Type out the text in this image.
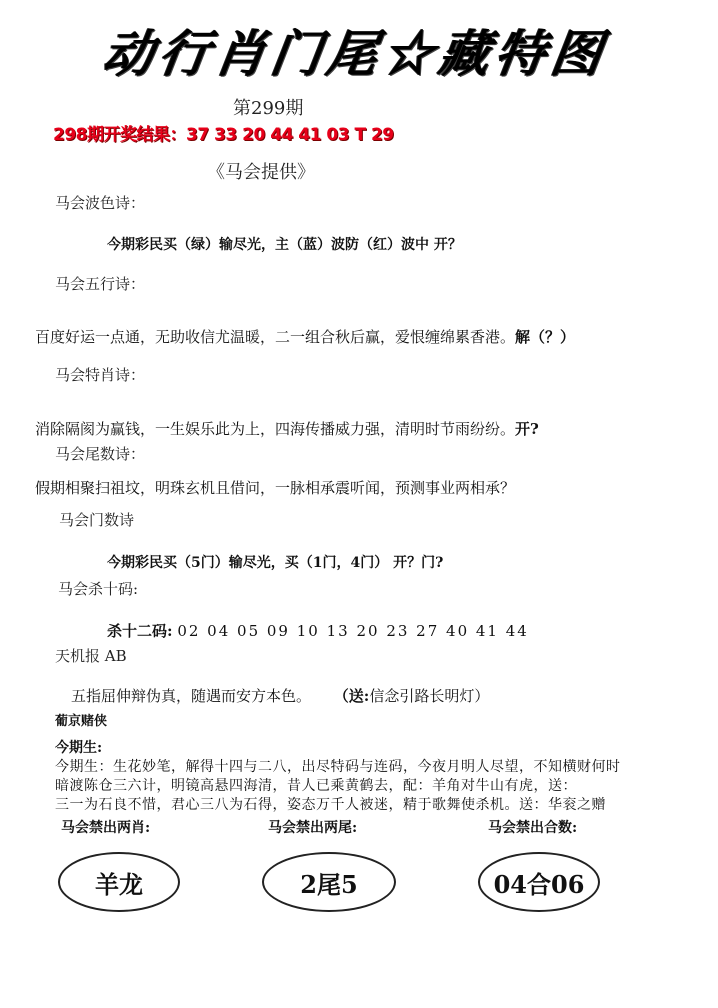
动行肖门尾☆藏特图
第299期
298期开奖结果：37 33 20 44 41 03 T 29
《马会提供》
马会波色诗：
今期彩民买（绿）输尽光，主（蓝）波防（红）波中 开？
马会五行诗：
百度好运一点通，无助收信尤温暖，二一组合秋后赢，爱恨缠绵累香港。解（？）
马会特肖诗：
消除隔阂为赢钱，一生娱乐此为上，四海传播威力强，清明时节雨纷纷。开?
马会尾数诗：
假期相聚扫祖坟，明珠玄机且借问，一脉相承震听闻，预测事业两相承？
马会门数诗
今期彩民买（5门）输尽光，买（1门，4门） 开？门?
马会杀十码:
杀十二码: 02 04 05 09 10 13 20 23 27 40 41 44
天机报 AB
五指屈伸辩伪真，随遇而安方本色。 （送:信念引路长明灯）
葡京赌侠
今期生:
今期生：生花妙笔，解得十四与二八，出尽特码与连码，今夜月明人尽望，不知横财何时
暗渡陈仓三六计，明镜高悬四海清，昔人已乘黄鹤去，配：羊角对牛山有虎，送：
三一为石良不惜，君心三八为石得，姿态万千人被迷，精于歌舞使杀机。送：华衮之赠
马会禁出两肖:	马会禁出两尾:	马会禁出合数:
羊龙	2尾5	04合06
